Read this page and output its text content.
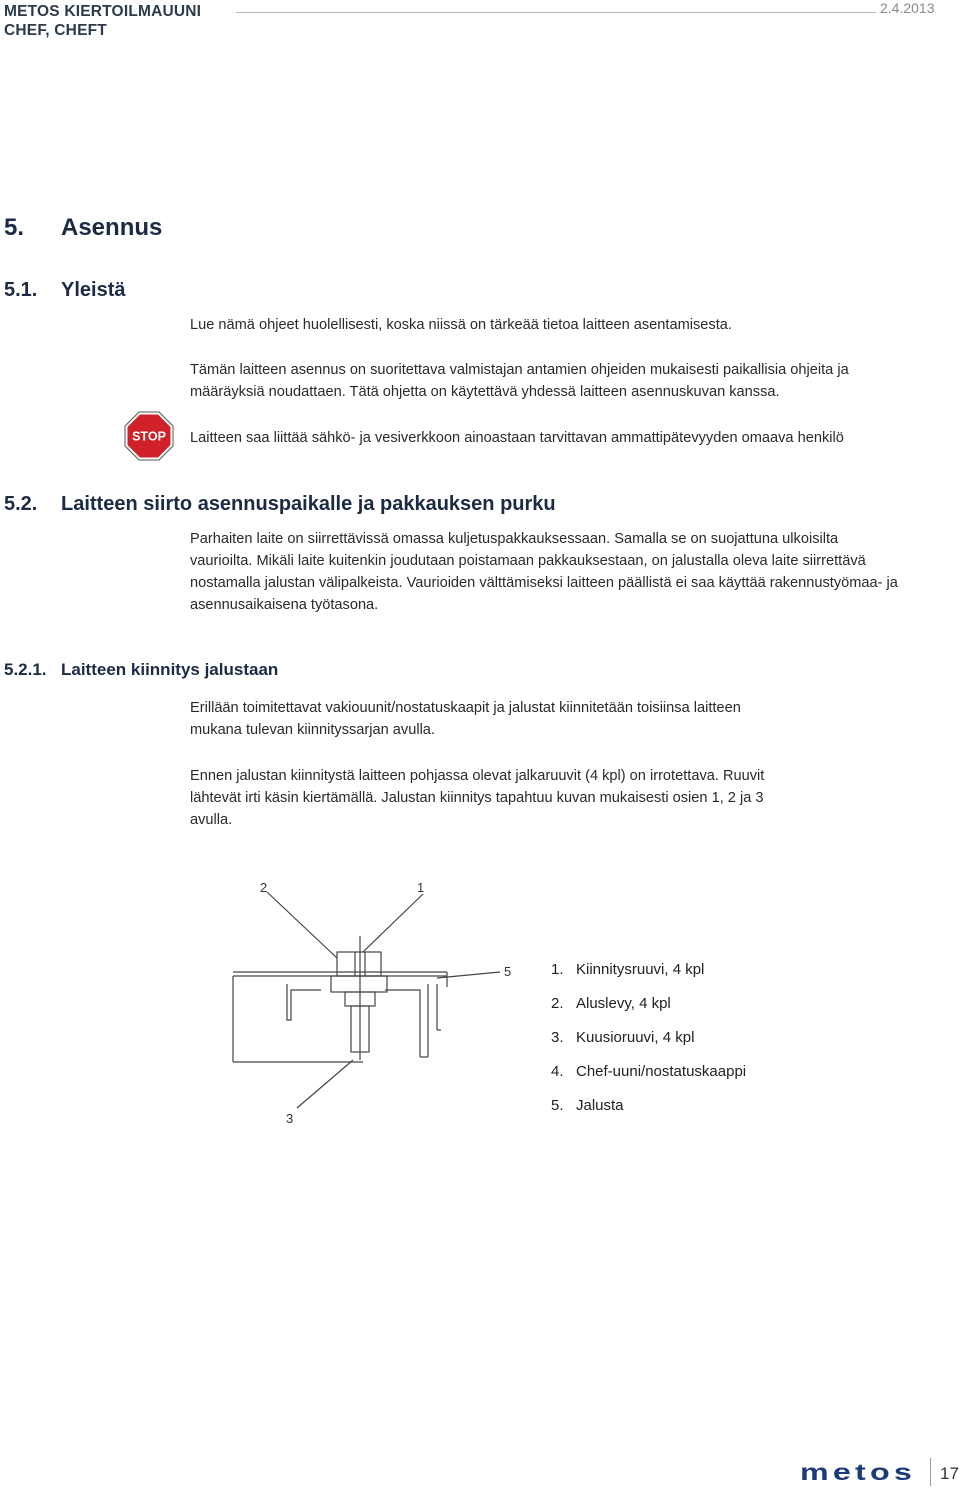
METOS KIERTOILMAUUNI
CHEF, CHEFT
2.4.2013
5. Asennus
5.1. Yleistä

Lue nämä ohjeet huolellisesti, koska niissä on tärkeää tietoa laitteen asentamisesta.

Tämän laitteen asennus on suoritettava valmistajan antamien ohjeiden mukaisesti paikallisia ohjeita ja määräyksiä noudattaen. Tätä ohjetta on käytettävä yhdessä laitteen asennuskuvan kanssa.

STOP Laitteen saa liittää sähkö- ja vesiverkkoon ainoastaan tarvittavan ammattipätevyyden omaava henkilö

5.2. Laitteen siirto asennuspaikalle ja pakkauksen purku

Parhaiten laite on siirrettävissä omassa kuljetuspakkauksessaan. Samalla se on suojattuna ulkoisilta vaurioilta. Mikäli laite kuitenkin joudutaan poistamaan pakkauksestaan, on jalustalla oleva laite siirrettävä nostamalla jalustan välipalkeista. Vaurioiden välttämiseksi laitteen päällistä ei saa käyttää rakennustyömaa- ja asennusaikaisena työtasona.

5.2.1. Laitteen kiinnitys jalustaan

Erillään toimitettavat vakiouunit/nostatuskaapit ja jalustat kiinnitetään toisiinsa laitteen mukana tulevan kiinnityssarjan avulla.

Ennen jalustan kiinnitystä laitteen pohjassa olevat jalkaruuvit (4 kpl) on irrotettava. Ruuvit lähtevät irti käsin kiertämällä. Jalustan kiinnitys tapahtuu kuvan mukaisesti osien 1, 2 ja 3 avulla.

2	1
5
3
1. Kiinnitysruuvi, 4 kpl
2. Aluslevy, 4 kpl
3. Kuusioruuvi, 4 kpl
4. Chef-uuni/nostatuskaappi
5. Jalusta
metos 17
